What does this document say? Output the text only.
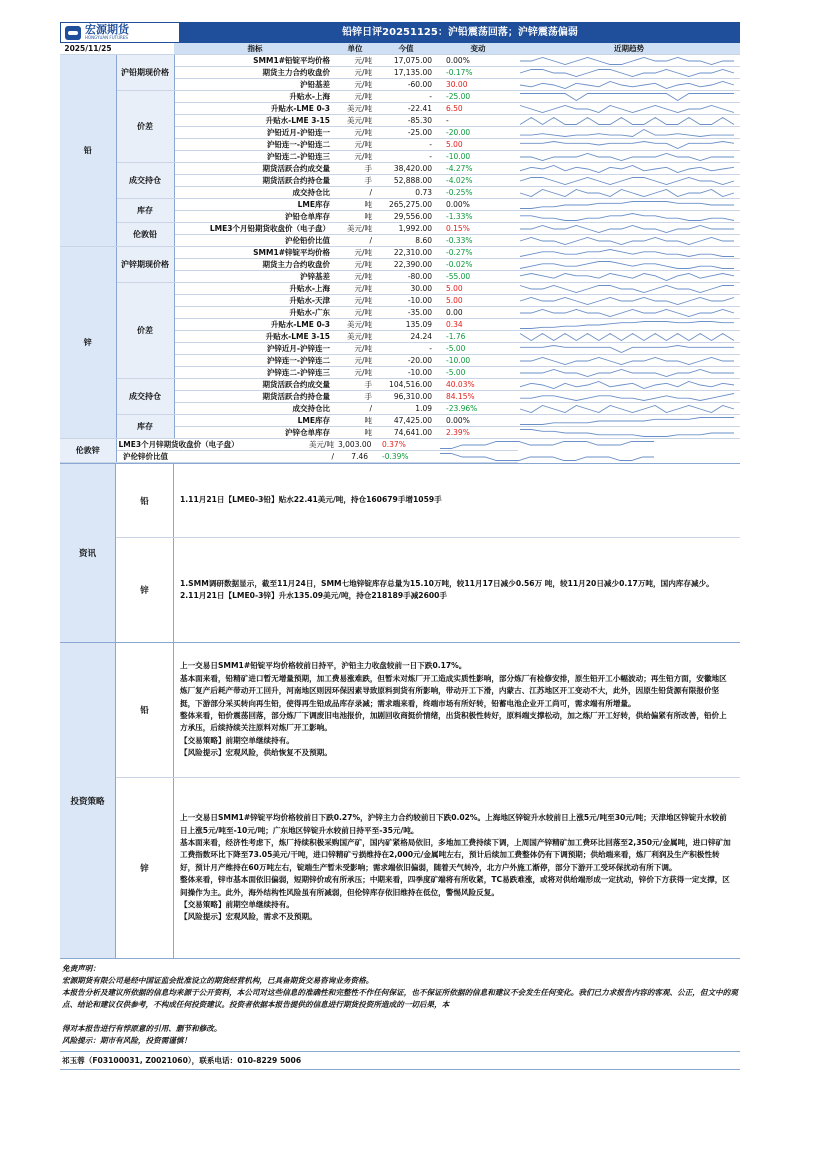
宏源期货
HONGYUAN FUTURES	铅锌日评20251125：沪铅震荡回落；沪锌震荡偏弱
2025/11/25		指标	单位	今值	变动	近期趋势
铅	沪铅期现价格	SMM1#铅锭平均价格	元/吨	17,075.00	0.00%	

		期货主力合约收盘价	元/吨	17,135.00	-0.17%	

		沪铅基差	元/吨	-60.00	30.00	

	价差	升贴水-上海	元/吨	-	-25.00	

		升贴水-LME 0-3	美元/吨	-22.41	6.50	

		升贴水-LME 3-15	美元/吨	-85.30	-	

		沪铅近月-沪铅连一	元/吨	-25.00	-20.00	

		沪铅连一-沪铅连二	元/吨	-	5.00	

		沪铅连二-沪铅连三	元/吨	-	-10.00	

	成交持仓	期货活跃合约成交量	手	38,420.00	-4.27%	

		期货活跃合约持仓量	手	52,888.00	-4.02%	

		成交持仓比	/	0.73	-0.25%	

	库存	LME库存	吨	265,275.00	0.00%	

		沪铅仓单库存	吨	29,556.00	-1.33%	

	伦敦铅	LME3个月铅期货收盘价（电子盘）	美元/吨	1,992.00	0.15%	

		沪伦铅价比值	/	8.60	-0.33%	

锌	沪锌期现价格	SMM1#锌锭平均价格	元/吨	22,310.00	-0.27%	

		期货主力合约收盘价	元/吨	22,390.00	-0.02%	

		沪锌基差	元/吨	-80.00	-55.00	

	价差	升贴水-上海	元/吨	30.00	5.00	

		升贴水-天津	元/吨	-10.00	5.00	

		升贴水-广东	元/吨	-35.00	0.00	

		升贴水-LME 0-3	美元/吨	135.09	0.34	

		升贴水-LME 3-15	美元/吨	24.24	-1.76	

		沪锌近月-沪锌连一	元/吨	-	-5.00	

		沪锌连一-沪锌连二	元/吨	-20.00	-10.00	

		沪锌连二-沪锌连三	元/吨	-10.00	-5.00	

	成交持仓	期货活跃合约成交量	手	104,516.00	40.03%	

		期货活跃合约持仓量	手	96,310.00	84.15%	

		成交持仓比	/	1.09	-23.96%	

	库存	LME库存	吨	47,425.00	0.00%	

		沪锌仓单库存	吨	74,641.00	2.39%	

伦敦锌	LME3个月锌期货收盘价（电子盘）	美元/吨	3,003.00	0.37%	

	沪伦锌价比值	/	7.46	-0.39%	
资讯
铅	1.11月21日【LME0-3铅】贴水22.41美元/吨，持仓160679手增1059手
锌
1.SMM调研数据显示，截至11月24日，SMM七地锌锭库存总量为15.10万吨，较11月17日减少0.56万 吨，较11月20日减少0.17万吨，国内库存减少。
2.11月21日【LME0-3锌】升水135.09美元/吨，持仓218189手减2600手
投资策略
铅
上一交易日SMM1#铅锭平均价格较前日持平，沪铅主力收盘较前一日下跌0.17%。
基本面来看，铅精矿进口暂无增量预期，加工费易涨难跌，但暂未对炼厂开工造成实质性影响，部分炼厂有检修安排，原生铅开工小幅波动；再生铅方面，安徽地区炼厂复产后耗产带动开工回升，河南地区则因环保因素导致原料到货有所影响，带动开工下滑，内蒙古、江苏地区开工变动不大，此外，因原生铅货源有限报价坚挺，下游部分采买转向再生铅，使得再生铅成品库存录减；需求端来看，终端市场有所好转，铅蓄电池企业开工尚可，需求端有所增量。
整体来看，铅价震荡回落，部分炼厂下调废旧电池报价，加剧回收商挺价情绪，出货积极性转好，原料端支撑松动，加之炼厂开工好转，供给偏紧有所改善，铅价上方承压，后续持续关注原料对炼厂开工影响。
【交易策略】前期空单继续持有。
【风险提示】宏观风险，供给恢复不及预期。
锌
上一交易日SMM1#锌锭平均价格较前日下跌0.27%，沪锌主力合约较前日下跌0.02%。上海地区锌锭升水较前日上涨5元/吨至30元/吨；天津地区锌锭升水较前日上涨5元/吨至-10元/吨；广东地区锌锭升水较前日持平至-35元/吨。
基本面来看，经济性考虑下，炼厂持续积极采购国产矿，国内矿紧格局依旧，多地加工费持续下调，上周国产锌精矿加工费环比回落至2,350元/金属吨，进口锌矿加工费指数环比下降至73.05美元/干吨，进口锌精矿亏损维持在2,000元/金属吨左右，预计后续加工费整体仍有下调预期；供给端来看，炼厂利润及生产积极性转好，预计月产维持在60万吨左右，锭端生产暂未受影响；需求端依旧偏弱，随着天气转冷，北方户外施工渐停，部分下游开工受环保扰动有所下调。
整体来看，锌市基本面依旧偏弱，短期锌价或有所承压；中期来看，四季度矿端将有所收紧，TC易跌难涨，或将对供给端形成一定扰动，锌价下方获得一定支撑，区间操作为主。此外，海外结构性风险虽有所减弱，但伦锌库存依旧维持在低位，警惕风险反复。
【交易策略】前期空单继续持有。
【风险提示】宏观风险，需求不及预期。
免责声明：
宏源期货有限公司是经中国证监会批准设立的期货经营机构，已具备期货交易咨询业务资格。
本报告分析及建议所依据的信息均来源于公开资料，本公司对这些信息的准确性和完整性不作任何保证，也不保证所依据的信息和建议不会发生任何变化。我们已力求报告内容的客观、公正，但文中的观点、结论和建议仅供参考，不构成任何投资建议。投资者依据本报告提供的信息进行期货投资所造成的一切后果，本
得对本报告进行有悖原意的引用、删节和修改。
风险提示：期市有风险，投资需谨慎！
祁玉蓉（F03100031, Z0021060），联系电话：010-8229 5006
